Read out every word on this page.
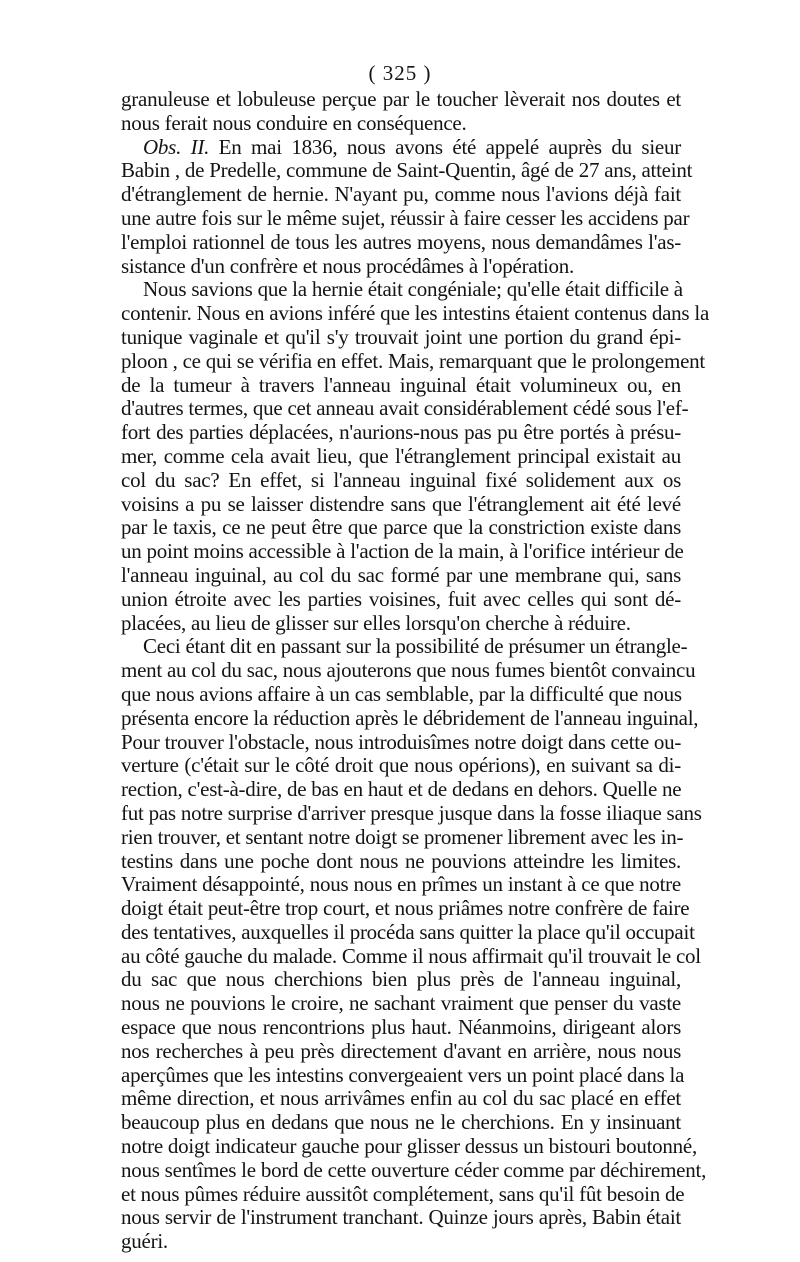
( 325 )
granuleuse et lobuleuse perçue par le toucher lèverait nos doutes et
nous ferait nous conduire en conséquence.
Obs. II. En mai 1836, nous avons été appelé auprès du sieur
Babin , de Predelle, commune de Saint-Quentin, âgé de 27 ans, atteint
d'étranglement de hernie. N'ayant pu, comme nous l'avions déjà fait
une autre fois sur le même sujet, réussir à faire cesser les accidens par
l'emploi rationnel de tous les autres moyens, nous demandâmes l'as-
sistance d'un confrère et nous procédâmes à l'opération.
Nous savions que la hernie était congéniale; qu'elle était difficile à
contenir. Nous en avions inféré que les intestins étaient contenus dans la
tunique vaginale et qu'il s'y trouvait joint une portion du grand épi-
ploon , ce qui se vérifia en effet. Mais, remarquant que le prolongement
de la tumeur à travers l'anneau inguinal était volumineux ou, en
d'autres termes, que cet anneau avait considérablement cédé sous l'ef-
fort des parties déplacées, n'aurions-nous pas pu être portés à présu-
mer, comme cela avait lieu, que l'étranglement principal existait au
col du sac? En effet, si l'anneau inguinal fixé solidement aux os
voisins a pu se laisser distendre sans que l'étranglement ait été levé
par le taxis, ce ne peut être que parce que la constriction existe dans
un point moins accessible à l'action de la main, à l'orifice intérieur de
l'anneau inguinal, au col du sac formé par une membrane qui, sans
union étroite avec les parties voisines, fuit avec celles qui sont dé-
placées, au lieu de glisser sur elles lorsqu'on cherche à réduire.
Ceci étant dit en passant sur la possibilité de présumer un étrangle-
ment au col du sac, nous ajouterons que nous fumes bientôt convaincu
que nous avions affaire à un cas semblable, par la difficulté que nous
présenta encore la réduction après le débridement de l'anneau inguinal,
Pour trouver l'obstacle, nous introduisîmes notre doigt dans cette ou-
verture (c'était sur le côté droit que nous opérions), en suivant sa di-
rection, c'est-à-dire, de bas en haut et de dedans en dehors. Quelle ne
fut pas notre surprise d'arriver presque jusque dans la fosse iliaque sans
rien trouver, et sentant notre doigt se promener librement avec les in-
testins dans une poche dont nous ne pouvions atteindre les limites.
Vraiment désappointé, nous nous en prîmes un instant à ce que notre
doigt était peut-être trop court, et nous priâmes notre confrère de faire
des tentatives, auxquelles il procéda sans quitter la place qu'il occupait
au côté gauche du malade. Comme il nous affirmait qu'il trouvait le col
du sac que nous cherchions bien plus près de l'anneau inguinal,
nous ne pouvions le croire, ne sachant vraiment que penser du vaste
espace que nous rencontrions plus haut. Néanmoins, dirigeant alors
nos recherches à peu près directement d'avant en arrière, nous nous
aperçûmes que les intestins convergeaient vers un point placé dans la
même direction, et nous arrivâmes enfin au col du sac placé en effet
beaucoup plus en dedans que nous ne le cherchions. En y insinuant
notre doigt indicateur gauche pour glisser dessus un bistouri boutonné,
nous sentîmes le bord de cette ouverture céder comme par déchirement,
et nous pûmes réduire aussitôt complétement, sans qu'il fût besoin de
nous servir de l'instrument tranchant. Quinze jours après, Babin était
guéri.
